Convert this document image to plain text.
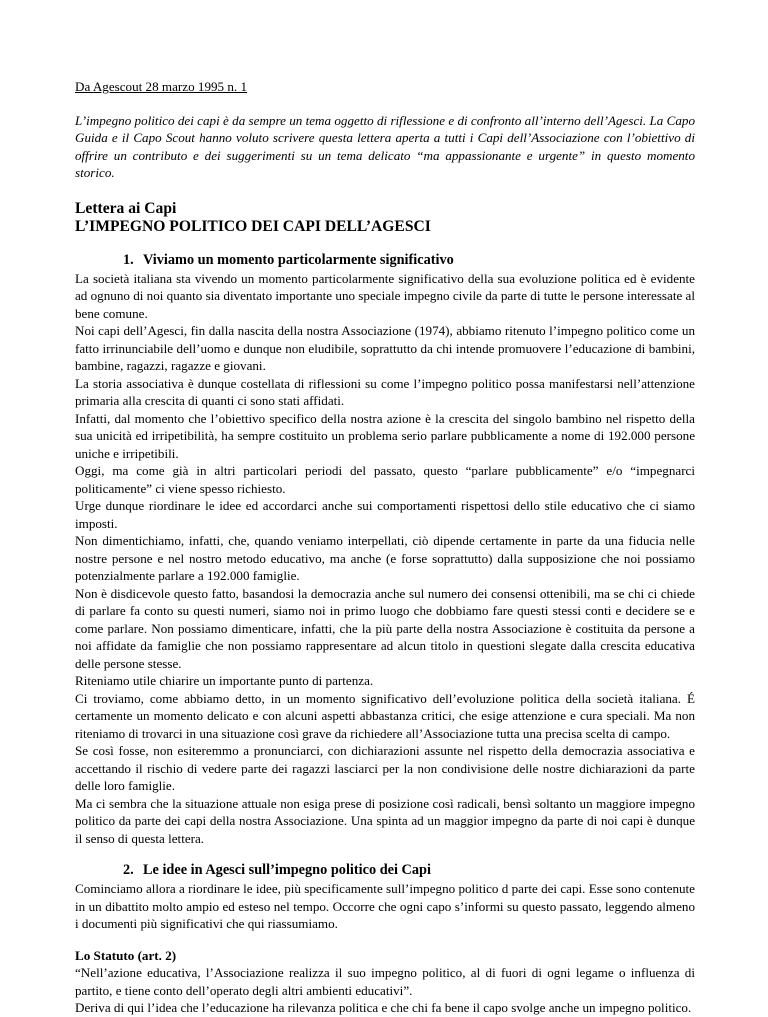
Da Agescout 28 marzo 1995 n. 1

L’impegno politico dei capi è da sempre un tema oggetto di riflessione e di confronto all’interno dell’Agesci. La Capo Guida e il Capo Scout hanno voluto scrivere questa lettera aperta a tutti i Capi dell’Associazione con l’obiettivo di offrire un contributo e dei suggerimenti su un tema delicato “ma appassionante e urgente” in questo momento storico.

Lettera ai Capi
L’IMPEGNO POLITICO DEI CAPI DELL’AGESCI
1. Viviamo un momento particolarmente significativo

La società italiana sta vivendo un momento particolarmente significativo della sua evoluzione politica ed è evidente ad ognuno di noi quanto sia diventato importante uno speciale impegno civile da parte di tutte le persone interessate al bene comune.

Noi capi dell’Agesci, fin dalla nascita della nostra Associazione (1974), abbiamo ritenuto l’impegno politico come un fatto irrinunciabile dell’uomo e dunque non eludibile, soprattutto da chi intende promuovere l’educazione di bambini, bambine, ragazzi, ragazze e giovani.

La storia associativa è dunque costellata di riflessioni su come l’impegno politico possa manifestarsi nell’attenzione primaria alla crescita di quanti ci sono stati affidati.

Infatti, dal momento che l’obiettivo specifico della nostra azione è la crescita del singolo bambino nel rispetto della sua unicità ed irripetibilità, ha sempre costituito un problema serio parlare pubblicamente a nome di 192.000 persone uniche e irripetibili.

Oggi, ma come già in altri particolari periodi del passato, questo “parlare pubblicamente” e/o “impegnarci politicamente” ci viene spesso richiesto.

Urge dunque riordinare le idee ed accordarci anche sui comportamenti rispettosi dello stile educativo che ci siamo imposti.

Non dimentichiamo, infatti, che, quando veniamo interpellati, ciò dipende certamente in parte da una fiducia nelle nostre persone e nel nostro metodo educativo, ma anche (e forse soprattutto) dalla supposizione che noi possiamo potenzialmente parlare a 192.000 famiglie.

Non è disdicevole questo fatto, basandosi la democrazia anche sul numero dei consensi ottenibili, ma se chi ci chiede di parlare fa conto su questi numeri, siamo noi in primo luogo che dobbiamo fare questi stessi conti e decidere se e come parlare. Non possiamo dimenticare, infatti, che la più parte della nostra Associazione è costituita da persone a noi affidate da famiglie che non possiamo rappresentare ad alcun titolo in questioni slegate dalla crescita educativa delle persone stesse.

Riteniamo utile chiarire un importante punto di partenza.

Ci troviamo, come abbiamo detto, in un momento significativo dell’evoluzione politica della società italiana. É certamente un momento delicato e con alcuni aspetti abbastanza critici, che esige attenzione e cura speciali. Ma non riteniamo di trovarci in una situazione così grave da richiedere all’Associazione tutta una precisa scelta di campo.

Se così fosse, non esiteremmo a pronunciarci, con dichiarazioni assunte nel rispetto della democrazia associativa e accettando il rischio di vedere parte dei ragazzi lasciarci per la non condivisione delle nostre dichiarazioni da parte delle loro famiglie.

Ma ci sembra che la situazione attuale non esiga prese di posizione così radicali, bensì soltanto un maggiore impegno politico da parte dei capi della nostra Associazione. Una spinta ad un maggior impegno da parte di noi capi è dunque il senso di questa lettera.

2. Le idee in Agesci sull’impegno politico dei Capi

Cominciamo allora a riordinare le idee, più specificamente sull’impegno politico d parte dei capi. Esse sono contenute in un dibattito molto ampio ed esteso nel tempo. Occorre che ogni capo s’informi su questo passato, leggendo almeno i documenti più significativi che qui riassumiamo.

Lo Statuto (art. 2)

“Nell’azione educativa, l’Associazione realizza il suo impegno politico, al di fuori di ogni legame o influenza di partito, e tiene conto dell’operato degli altri ambienti educativi”.

Deriva di qui l’idea che l’educazione ha rilevanza politica e che chi fa bene il capo svolge anche un impegno politico.
